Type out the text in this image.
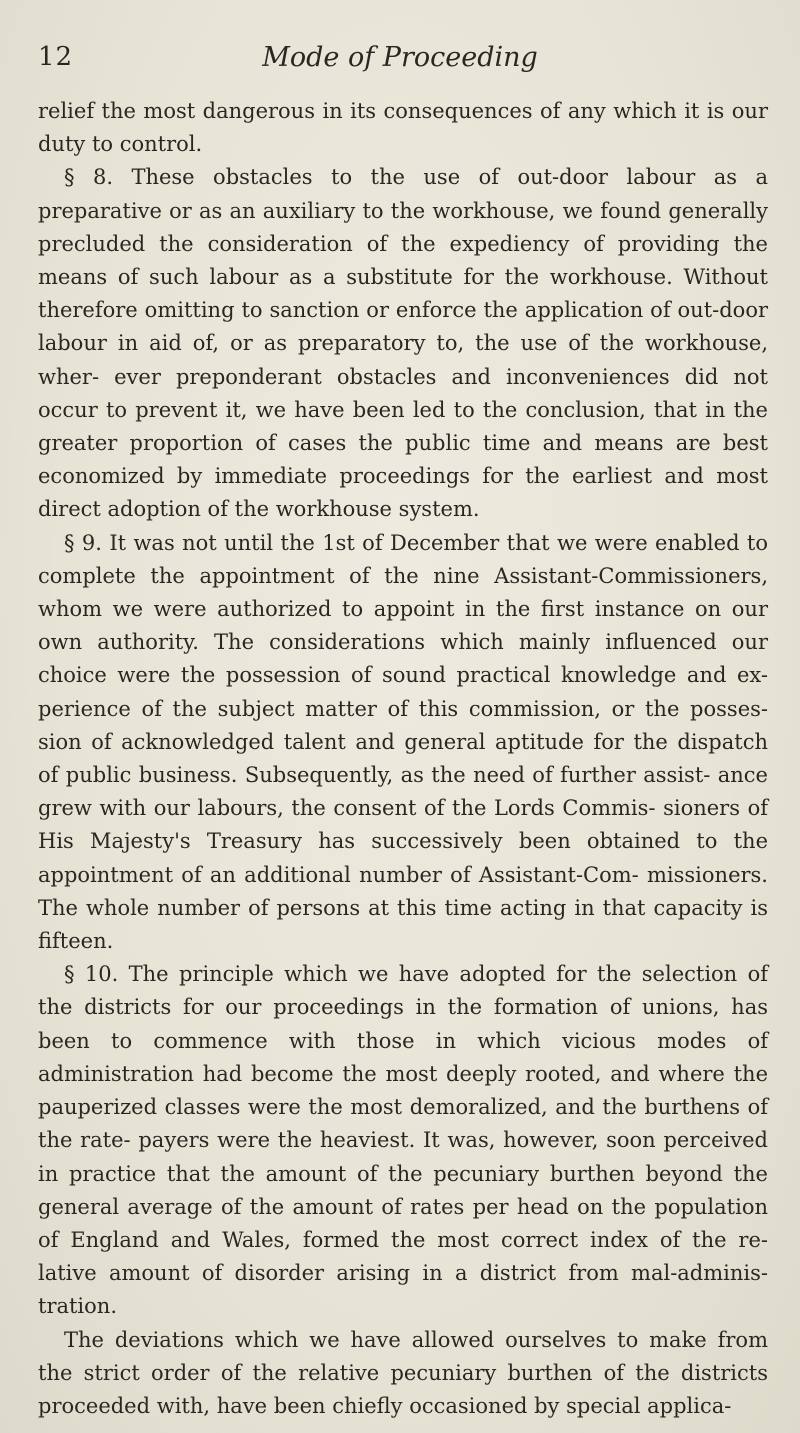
12	Mode of Proceeding

relief the most dangerous in its consequences of any which it is our duty to control.

§ 8. These obstacles to the use of out-door labour as a preparative or as an auxiliary to the workhouse, we found generally precluded the consideration of the expediency of providing the means of such labour as a substitute for the workhouse. Without therefore omitting to sanction or enforce the application of out-door labour in aid of, or as preparatory to, the use of the workhouse, wher- ever preponderant obstacles and inconveniences did not occur to prevent it, we have been led to the conclusion, that in the greater proportion of cases the public time and means are best economized by immediate proceedings for the earliest and most direct adoption of the workhouse system.

§ 9. It was not until the 1st of December that we were enabled to complete the appointment of the nine Assistant-Commissioners, whom we were authorized to appoint in the first instance on our own authority. The considerations which mainly influenced our choice were the possession of sound practical knowledge and ex- perience of the subject matter of this commission, or the posses- sion of acknowledged talent and general aptitude for the dispatch of public business. Subsequently, as the need of further assist- ance grew with our labours, the consent of the Lords Commis- sioners of His Majesty's Treasury has successively been obtained to the appointment of an additional number of Assistant-Com- missioners. The whole number of persons at this time acting in that capacity is fifteen.

§ 10. The principle which we have adopted for the selection of the districts for our proceedings in the formation of unions, has been to commence with those in which vicious modes of administration had become the most deeply rooted, and where the pauperized classes were the most demoralized, and the burthens of the rate- payers were the heaviest. It was, however, soon perceived in practice that the amount of the pecuniary burthen beyond the general average of the amount of rates per head on the population of England and Wales, formed the most correct index of the re- lative amount of disorder arising in a district from mal-adminis- tration.

The deviations which we have allowed ourselves to make from the strict order of the relative pecuniary burthen of the districts proceeded with, have been chiefly occasioned by special applica-
